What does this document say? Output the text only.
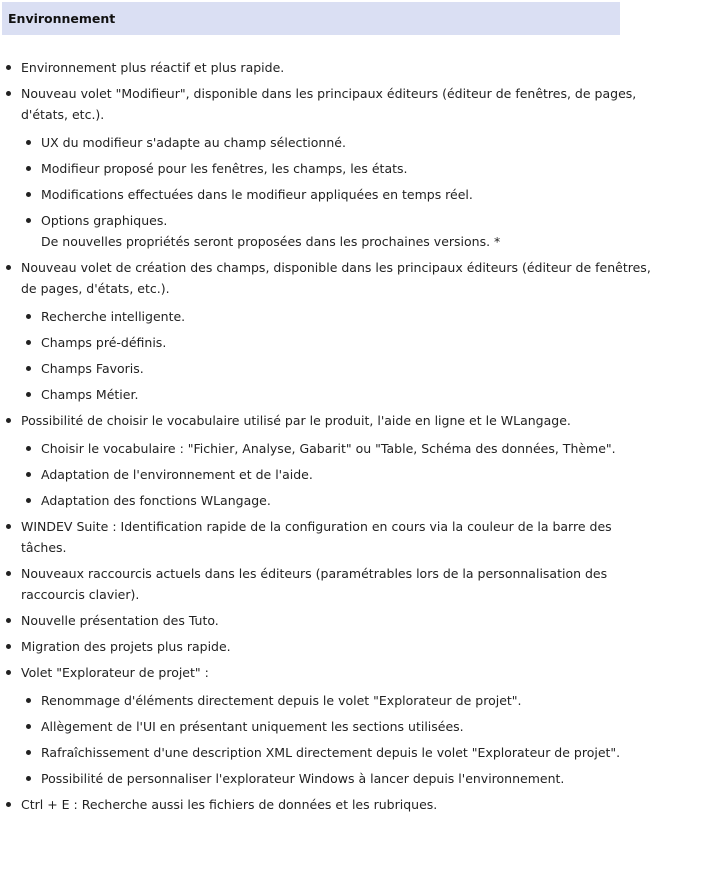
Environnement
Environnement plus réactif et plus rapide.
Nouveau volet "Modifieur", disponible dans les principaux éditeurs (éditeur de fenêtres, de pages, d'états, etc.).
UX du modifieur s'adapte au champ sélectionné.
Modifieur proposé pour les fenêtres, les champs, les états.
Modifications effectuées dans le modifieur appliquées en temps réel.
Options graphiques.
De nouvelles propriétés seront proposées dans les prochaines versions. *
Nouveau volet de création des champs, disponible dans les principaux éditeurs (éditeur de fenêtres, de pages, d'états, etc.).
Recherche intelligente.
Champs pré-définis.
Champs Favoris.
Champs Métier.
Possibilité de choisir le vocabulaire utilisé par le produit, l'aide en ligne et le WLangage.
Choisir le vocabulaire : "Fichier, Analyse, Gabarit" ou "Table, Schéma des données, Thème".
Adaptation de l'environnement et de l'aide.
Adaptation des fonctions WLangage.
WINDEV Suite : Identification rapide de la configuration en cours via la couleur de la barre des tâches.
Nouveaux raccourcis actuels dans les éditeurs (paramétrables lors de la personnalisation des raccourcis clavier).
Nouvelle présentation des Tuto.
Migration des projets plus rapide.
Volet "Explorateur de projet" :
Renommage d'éléments directement depuis le volet "Explorateur de projet".
Allègement de l'UI en présentant uniquement les sections utilisées.
Rafraîchissement d'une description XML directement depuis le volet "Explorateur de projet".
Possibilité de personnaliser l'explorateur Windows à lancer depuis l'environnement.
Ctrl + E : Recherche aussi les fichiers de données et les rubriques.
